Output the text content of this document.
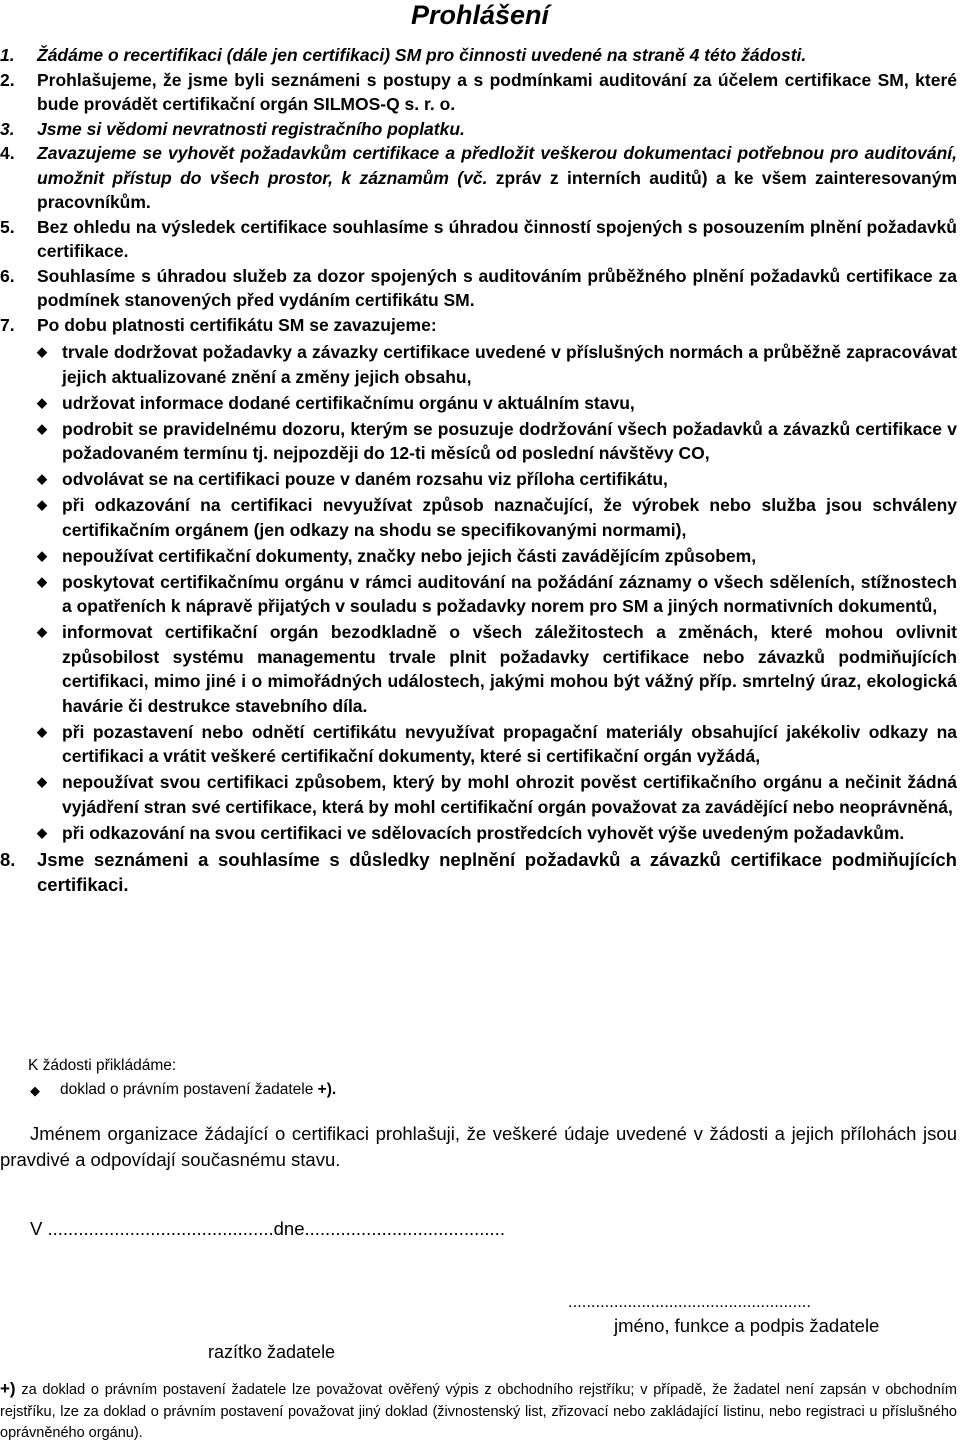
Prohlášení
1. Žádáme o recertifikaci (dále jen certifikaci) SM pro činnosti uvedené na straně 4 této žádosti.
2. Prohlašujeme, že jsme byli seznámeni s postupy a s podmínkami auditování za účelem certifikace SM, které bude provádět certifikační orgán SILMOS-Q s. r. o.
3. Jsme si vědomi nevratnosti registračního poplatku.
4. Zavazujeme se vyhovět požadavkům certifikace a předložit veškerou dokumentaci potřebnou pro auditování, umožnit přístup do všech prostor, k záznamům (vč. zpráv z interních auditů) a ke všem zainteresovaným pracovníkům.
5. Bez ohledu na výsledek certifikace souhlasíme s úhradou činností spojených s posouzením plnění požadavků certifikace.
6. Souhlasíme s úhradou služeb za dozor spojených s auditováním průběžného plnění požadavků certifikace za podmínek stanovených před vydáním certifikátu SM.
7. Po dobu platnosti certifikátu SM se zavazujeme:
◆ trvale dodržovat požadavky a závazky certifikace uvedené v příslušných normách a průběžně zapracovávat jejich aktualizované znění a změny jejich obsahu,
◆ udržovat informace dodané certifikačnímu orgánu v aktuálním stavu,
◆ podrobit se pravidelnému dozoru, kterým se posuzuje dodržování všech požadavků a závazků certifikace v požadovaném termínu tj. nejpozději do 12-ti měsíců od poslední návštěvy CO,
◆ odvolávat se na certifikaci pouze v daném rozsahu viz příloha certifikátu,
◆ při odkazování na certifikaci nevyužívat způsob naznačující, že výrobek nebo služba jsou schváleny certifikačním orgánem (jen odkazy na shodu se specifikovanými normami),
◆ nepoužívat certifikační dokumenty, značky nebo jejich části zavádějícím způsobem,
◆ poskytovat certifikačnímu orgánu v rámci auditování na požádání záznamy o všech sděleních, stížnostech a opatřeních k nápravě přijatých v souladu s požadavky norem pro SM a jiných normativních dokumentů,
◆ informovat certifikační orgán bezodkladně o všech záležitostech a změnách, které mohou ovlivnit způsobilost systému managementu trvale plnit požadavky certifikace nebo závazků podmiňujících certifikaci, mimo jiné i o mimořádných událostech, jakými mohou být vážný příp. smrtelný úraz, ekologická havárie či destrukce stavebního díla.
◆ při pozastavení nebo odnětí certifikátu nevyužívat propagační materiály obsahující jakékoliv odkazy na certifikaci a vrátit veškeré certifikační dokumenty, které si certifikační orgán vyžádá,
◆ nepoužívat svou certifikaci způsobem, který by mohl ohrozit pověst certifikačního orgánu a nečinit žádná vyjádření stran své certifikace, která by mohl certifikační orgán považovat za zavádějící nebo neoprávněná,
◆ při odkazování na svou certifikaci ve sdělovacích prostředcích vyhovět výše uvedeným požadavkům.
8. Jsme seznámeni a souhlasíme s důsledky neplnění požadavků a závazků certifikace podmiňujících certifikaci.
K žádosti přikládáme:
◆ doklad o právním postavení žadatele +).
Jménem organizace žádající o certifikaci prohlašuji, že veškeré údaje uvedené v žádosti a jejich přílohách jsou pravdivé a odpovídají současnému stavu.
V ............................................dne.......................................
.....................................................
jméno, funkce a podpis žadatele
razítko žadatele
+) za doklad o právním postavení žadatele lze považovat ověřený výpis z obchodního rejstříku; v případě, že žadatel není zapsán v obchodním rejstříku, lze za doklad o právním postavení považovat jiný doklad (živnostenský list, zřizovací nebo zakládající listinu, nebo registraci u příslušného oprávněného orgánu).
